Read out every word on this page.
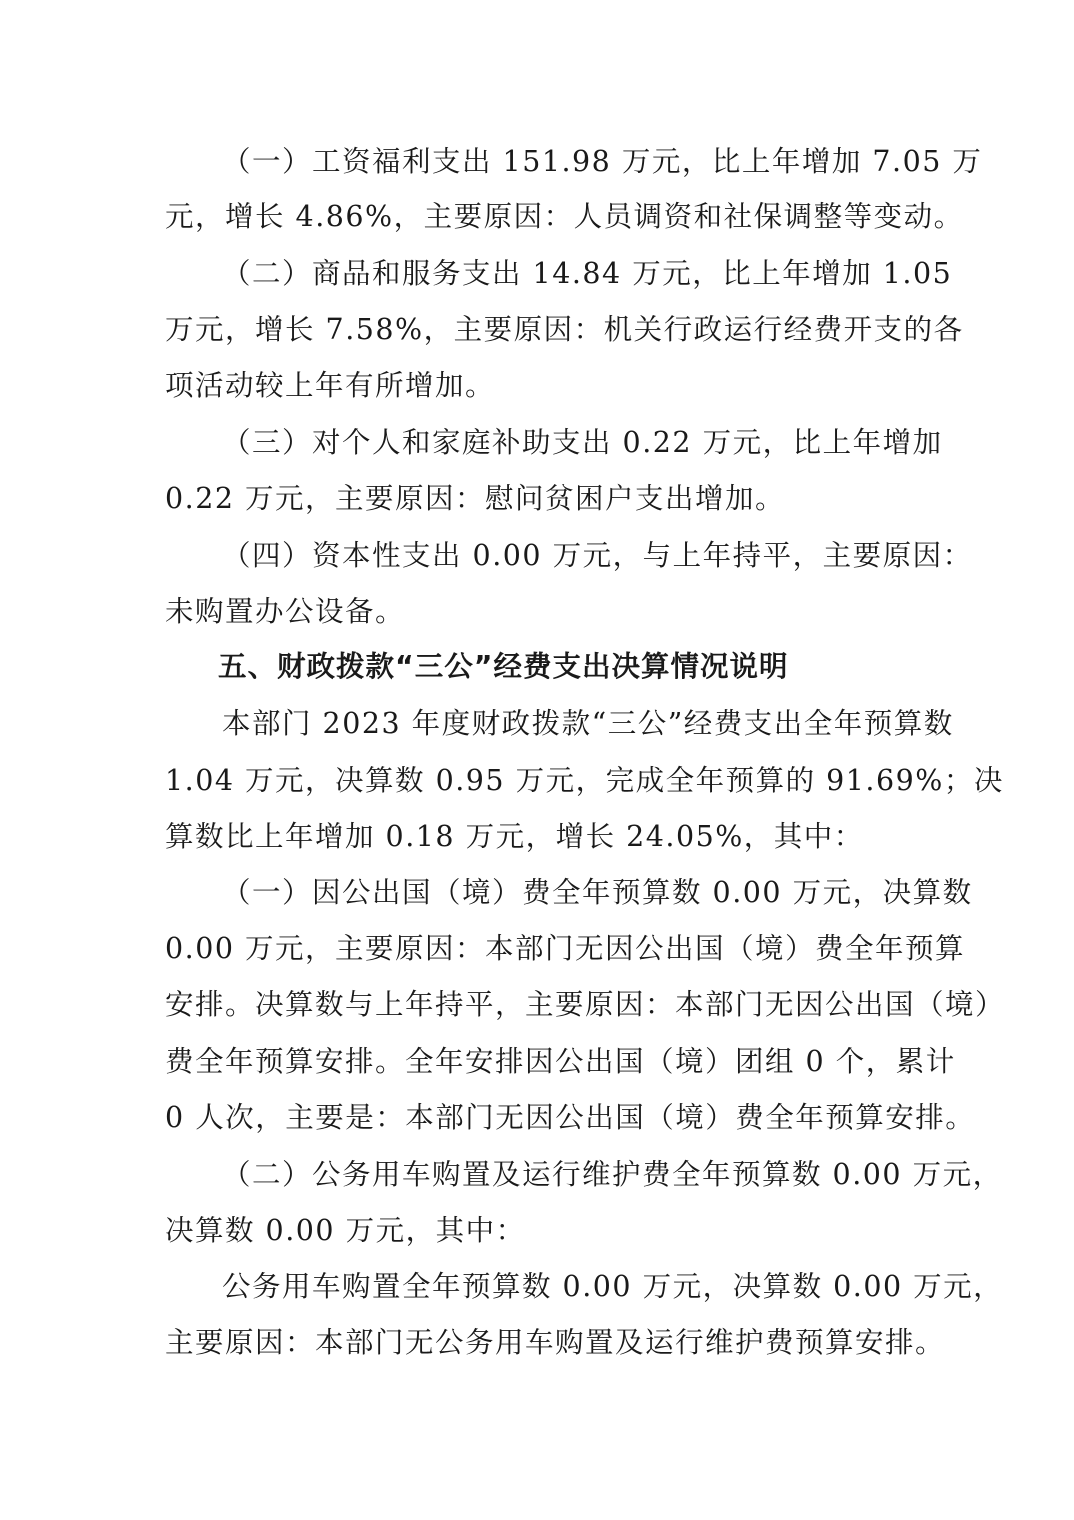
（一）工资福利支出 151.98 万元，比上年增加 7.05 万
元，增长 4.86%，主要原因：人员调资和社保调整等变动。
（二）商品和服务支出 14.84 万元，比上年增加 1.05
万元，增长 7.58%，主要原因：机关行政运行经费开支的各
项活动较上年有所增加。
（三）对个人和家庭补助支出 0.22 万元，比上年增加
0.22 万元，主要原因：慰问贫困户支出增加。
（四）资本性支出 0.00 万元，与上年持平，主要原因：
未购置办公设备。
五、财政拨款“三公”经费支出决算情况说明
本部门 2023 年度财政拨款“三公”经费支出全年预算数
1.04 万元，决算数 0.95 万元，完成全年预算的 91.69%；决
算数比上年增加 0.18 万元，增长 24.05%，其中：
（一）因公出国（境）费全年预算数 0.00 万元，决算数
0.00 万元，主要原因：本部门无因公出国（境）费全年预算
安排。决算数与上年持平，主要原因：本部门无因公出国（境）
费全年预算安排。全年安排因公出国（境）团组 0 个，累计
0 人次，主要是：本部门无因公出国（境）费全年预算安排。
（二）公务用车购置及运行维护费全年预算数 0.00 万元，
决算数 0.00 万元，其中：
公务用车购置全年预算数 0.00 万元，决算数 0.00 万元，
主要原因：本部门无公务用车购置及运行维护费预算安排。
